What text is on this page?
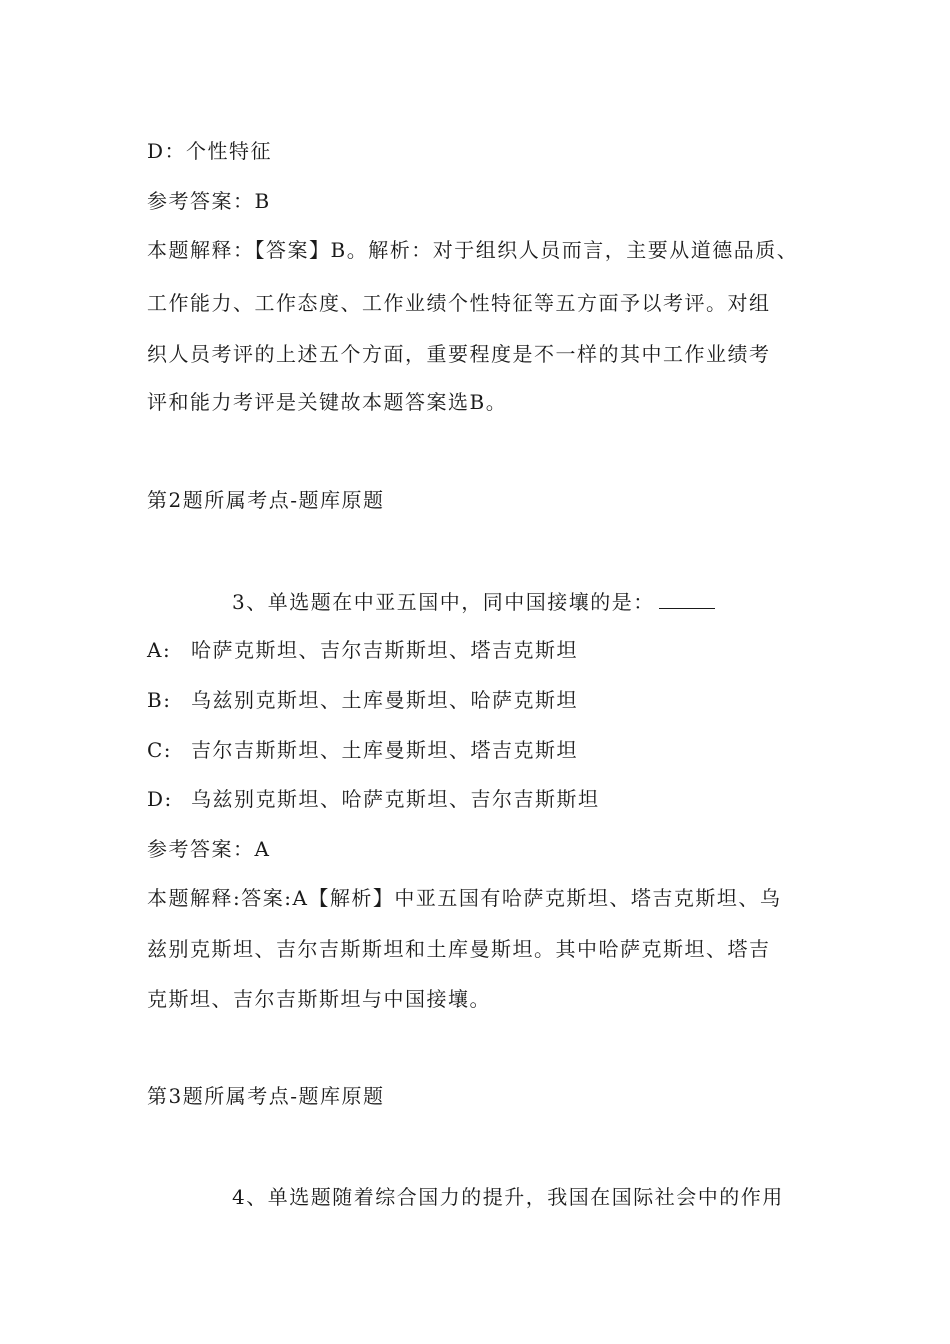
D：个性特征
参考答案：B
本题解释：【答案】B。解析：对于组织人员而言，主要从道德品质、
工作能力、工作态度、工作业绩个性特征等五方面予以考评。对组
织人员考评的上述五个方面，重要程度是不一样的其中工作业绩考
评和能力考评是关键故本题答案选B。
第2题所属考点-题库原题
3、单选题在中亚五国中，同中国接壤的是：
A: 哈萨克斯坦、吉尔吉斯斯坦、塔吉克斯坦
B: 乌兹别克斯坦、土库曼斯坦、哈萨克斯坦
C: 吉尔吉斯斯坦、土库曼斯坦、塔吉克斯坦
D: 乌兹别克斯坦、哈萨克斯坦、吉尔吉斯斯坦
参考答案：A
本题解释:答案:A【解析】中亚五国有哈萨克斯坦、塔吉克斯坦、乌
兹别克斯坦、吉尔吉斯斯坦和土库曼斯坦。其中哈萨克斯坦、塔吉
克斯坦、吉尔吉斯斯坦与中国接壤。
第3题所属考点-题库原题
4、单选题随着综合国力的提升，我国在国际社会中的作用
